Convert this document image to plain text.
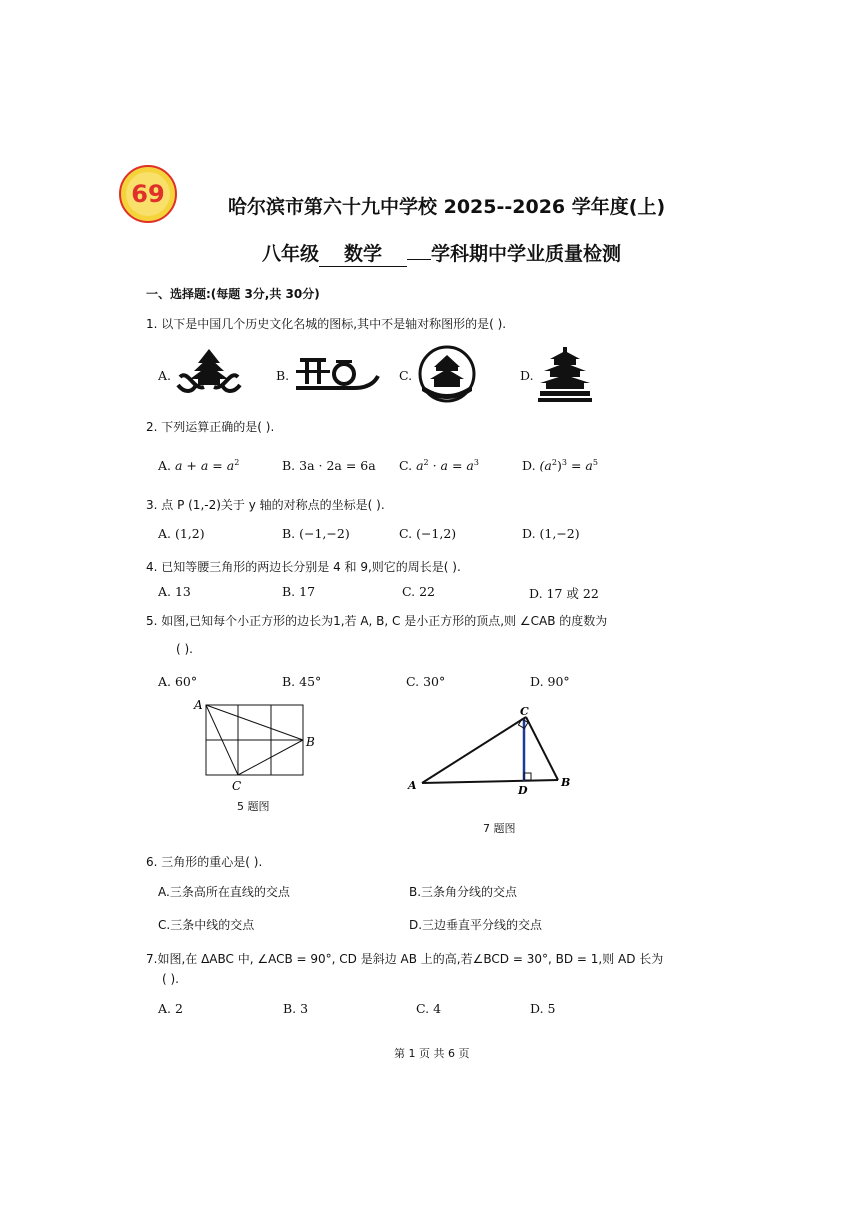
69	哈尔滨市第六十九中学校 2025--2026 学年度(上)
八年级 数学	学科期中学业质量检测
一、选择题:(每题 3分,共 30分)
1. 以下是中国几个历史文化名城的图标,其中不是轴对称图形的是( ).
A.	B.	C.	D.
2. 下列运算正确的是( ).
A. $a + a = a^2$	B. 3a · 2a = 6a C. $a^2 \cdot a = a^3$	D. $(a^2)^3 = a^5$
3. 点 P (1,-2)关于 y 轴的对称点的坐标是( ).
A. (1,2)	B. (−1,−2)	C. (−1,2)	D. (1,−2)
4. 已知等腰三角形的两边长分别是 4 和 9,则它的周长是( ).
A. 13	B. 17	C. 22	D. 17 或 22
5. 如图,已知每个小正方形的边长为1,若 A, B, C 是小正方形的顶点,则 ∠CAB 的度数为
( ).
A. 60°	B. 45°	C. 30°	D. 90°
A
B
C
5 题图
A	B
C
D
7 题图
6. 三角形的重心是( ).
A.三条高所在直线的交点	B.三条角分线的交点
C.三条中线的交点	D.三边垂直平分线的交点
7.如图,在 ΔABC 中, ∠ACB = 90°, CD 是斜边 AB 上的高,若∠BCD = 30°, BD = 1,则 AD 长为
( ).
A. 2	B. 3	C. 4	D. 5
第 1 页 共 6 页
